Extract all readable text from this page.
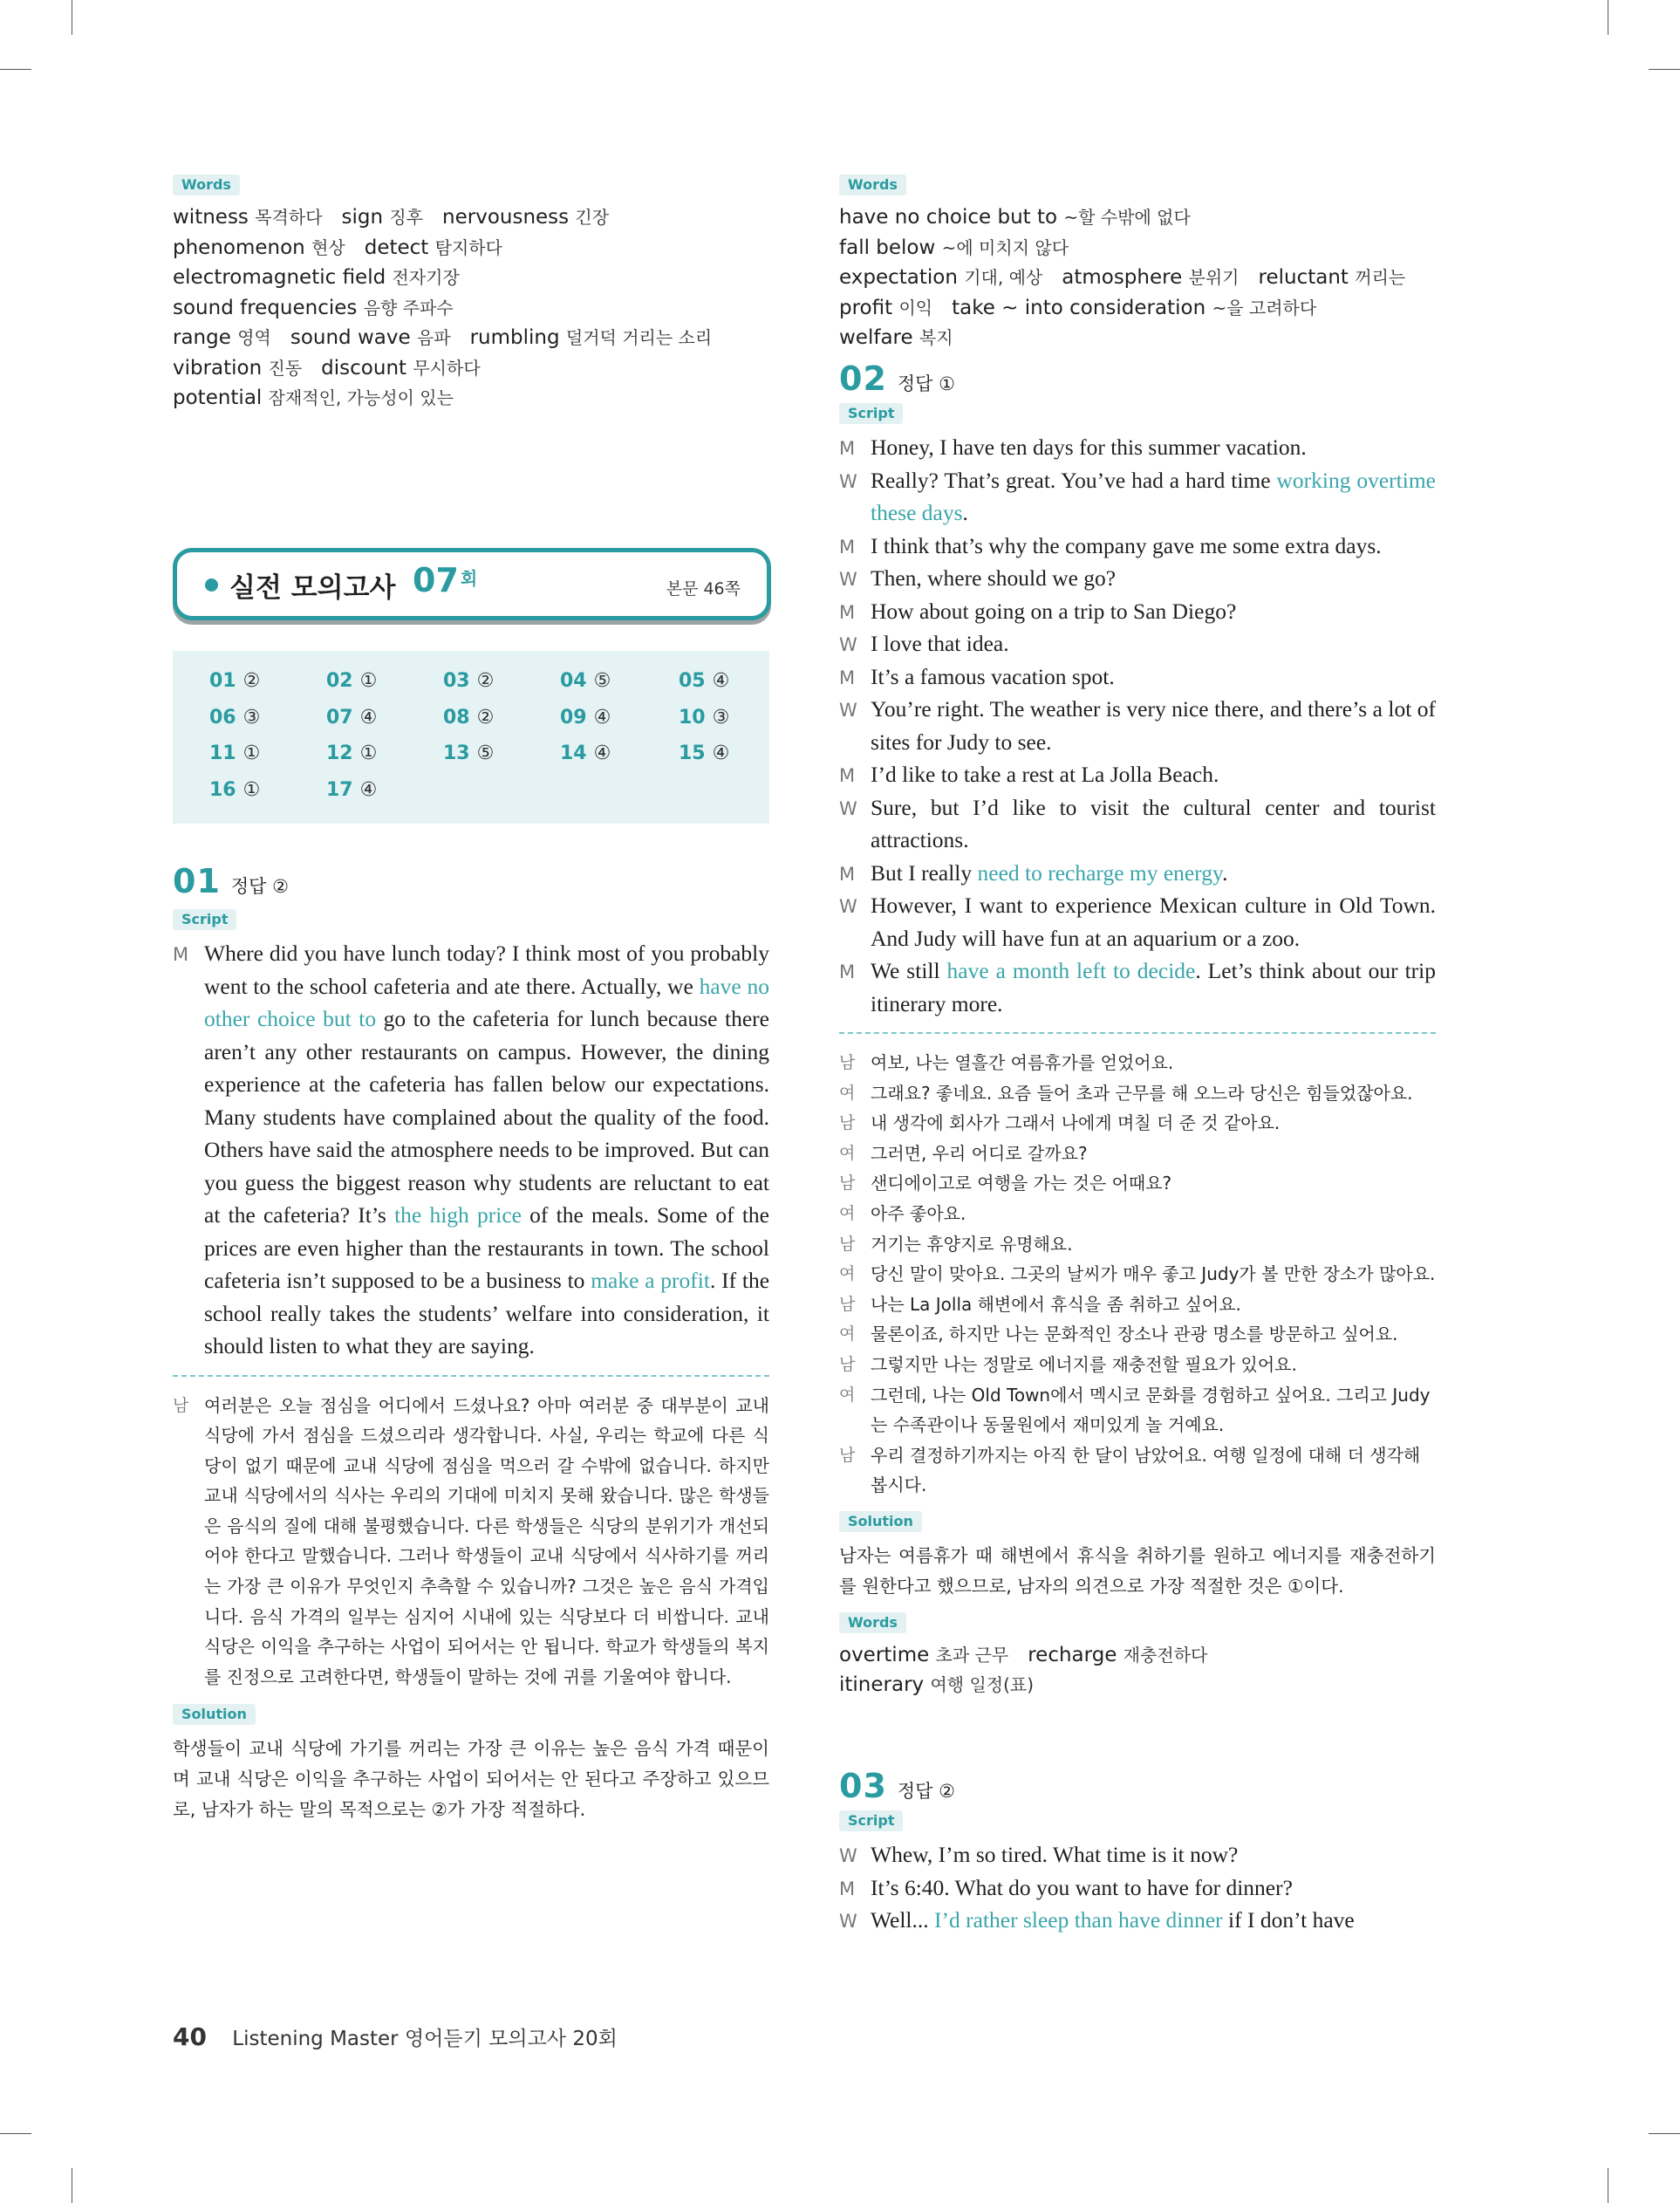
Words
witness 목격하다 sign 징후 nervousness 긴장
phenomenon 현상 detect 탐지하다
electromagnetic field 전자기장sound frequencies 음향 주파수
range 영역 sound wave 음파 rumbling 덜거덕 거리는 소리
vibration 진동 discount 무시하다
potential 잠재적인, 가능성이 있는
실전 모의고사 07 $^회$	본문 46쪽
01 ②	02 ①	03 ②	04 ⑤	05 ④
06 ③	07 ④	08 ②	09 ④	10 ③
11 ①	12 ①	13 ⑤	14 ④	15 ④
16 ①	17 ④
01 정답 ②
Script
M Where did you have lunch today? I think most of you probably went to the school cafeteria and ate there. Actually, we have no other choice but to go to the cafeteria for lunch because there aren’t any other restaurants on campus. However, the dining experience at the cafeteria has fallen below our expectations. Many students have complained about the quality of the food. Others have said the atmosphere needs to be improved. But can you guess the biggest reason why students are reluctant to eat at the cafeteria? It’s the high price of the meals. Some of the prices are even higher than the restaurants in town. The school cafeteria isn’t supposed to be a business to make a profit. If the school really takes the students’ welfare into consideration, it should listen to what they are saying.
남 여러분은 오늘 점심을 어디에서 드셨나요? 아마 여러분 중 대부분이 교내 식당에 가서 점심을 드셨으리라 생각합니다. 사실, 우리는 학교에 다른 식당이 없기 때문에 교내 식당에 점심을 먹으러 갈 수밖에 없습니다. 하지만 교내 식당에서의 식사는 우리의 기대에 미치지 못해 왔습니다. 많은 학생들은 음식의 질에 대해 불평했습니다. 다른 학생들은 식당의 분위기가 개선되어야 한다고 말했습니다. 그러나 학생들이 교내 식당에서 식사하기를 꺼리는 가장 큰 이유가 무엇인지 추측할 수 있습니까? 그것은 높은 음식 가격입니다. 음식 가격의 일부는 심지어 시내에 있는 식당보다 더 비쌉니다. 교내 식당은 이익을 추구하는 사업이 되어서는 안 됩니다. 학교가 학생들의 복지를 진정으로 고려한다면, 학생들이 말하는 것에 귀를 기울여야 합니다.
Solution
학생들이 교내 식당에 가기를 꺼리는 가장 큰 이유는 높은 음식 가격 때문이며 교내 식당은 이익을 추구하는 사업이 되어서는 안 된다고 주장하고 있으므로, 남자가 하는 말의 목적으로는 ②가 가장 적절하다.
40 Listening Master 영어듣기 모의고사 20회
Words
have no choice but to ~할 수밖에 없다fall below ~에 미치지 않다
expectation 기대, 예상 atmosphere 분위기 reluctant 꺼리는
profit 이익 take ~ into consideration ~을 고려하다
welfare 복지
02 정답 ①
Script
M Honey, I have ten days for this summer vacation.
W Really? That’s great. You’ve had a hard time working overtime these days.
M I think that’s why the company gave me some extra days.
W Then, where should we go?
M How about going on a trip to San Diego?
W I love that idea.
M It’s a famous vacation spot.
W You’re right. The weather is very nice there, and there’s a lot of sites for Judy to see.
M I’d like to take a rest at La Jolla Beach.
W Sure, but I’d like to visit the cultural center and tourist attractions.
M But I really need to recharge my energy.
W However, I want to experience Mexican culture in Old Town. And Judy will have fun at an aquarium or a zoo.
M We still have a month left to decide. Let’s think about our trip itinerary more.
남 여보, 나는 열흘간 여름휴가를 얻었어요.
여 그래요? 좋네요. 요즘 들어 초과 근무를 해 오느라 당신은 힘들었잖아요.
남 내 생각에 회사가 그래서 나에게 며칠 더 준 것 같아요.
여 그러면, 우리 어디로 갈까요?
남 샌디에이고로 여행을 가는 것은 어때요?
여 아주 좋아요.
남 거기는 휴양지로 유명해요.
여 당신 말이 맞아요. 그곳의 날씨가 매우 좋고 Judy가 볼 만한 장소가 많아요.
남 나는 La Jolla 해변에서 휴식을 좀 취하고 싶어요.
여 물론이죠, 하지만 나는 문화적인 장소나 관광 명소를 방문하고 싶어요.
남 그렇지만 나는 정말로 에너지를 재충전할 필요가 있어요.
여 그런데, 나는 Old Town에서 멕시코 문화를 경험하고 싶어요. 그리고 Judy는 수족관이나 동물원에서 재미있게 놀 거예요.
남 우리 결정하기까지는 아직 한 달이 남았어요. 여행 일정에 대해 더 생각해 봅시다.
Solution
남자는 여름휴가 때 해변에서 휴식을 취하기를 원하고 에너지를 재충전하기를 원한다고 했으므로, 남자의 의견으로 가장 적절한 것은 ①이다.
Words
overtime 초과 근무 recharge 재충전하다itinerary 여행 일정(표)
03 정답 ②
Script
W Whew, I’m so tired. What time is it now?
M It’s 6:40. What do you want to have for dinner?
W Well... I’d rather sleep than have dinner if I don’t have
